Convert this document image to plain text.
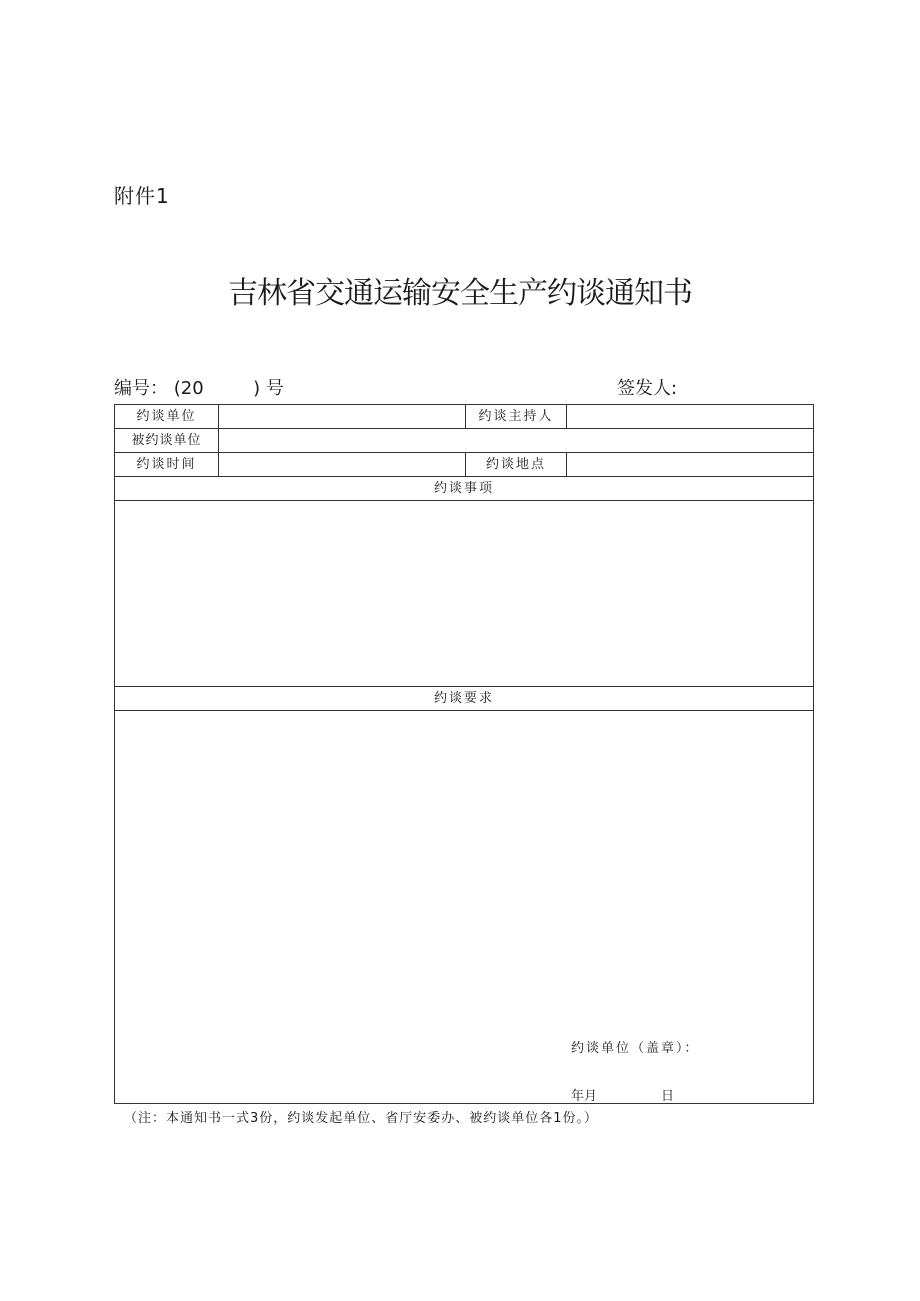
附件1
吉林省交通运输安全生产约谈通知书
编号： (20	) 号	签发人:
约谈单位	约谈主持人
被约谈单位
约谈时间	约谈地点
约谈事项
约谈要求
约谈单位（盖章）：
年月	日
（注：本通知书一式3份，约谈发起单位、省厅安委办、被约谈单位各1份。）
